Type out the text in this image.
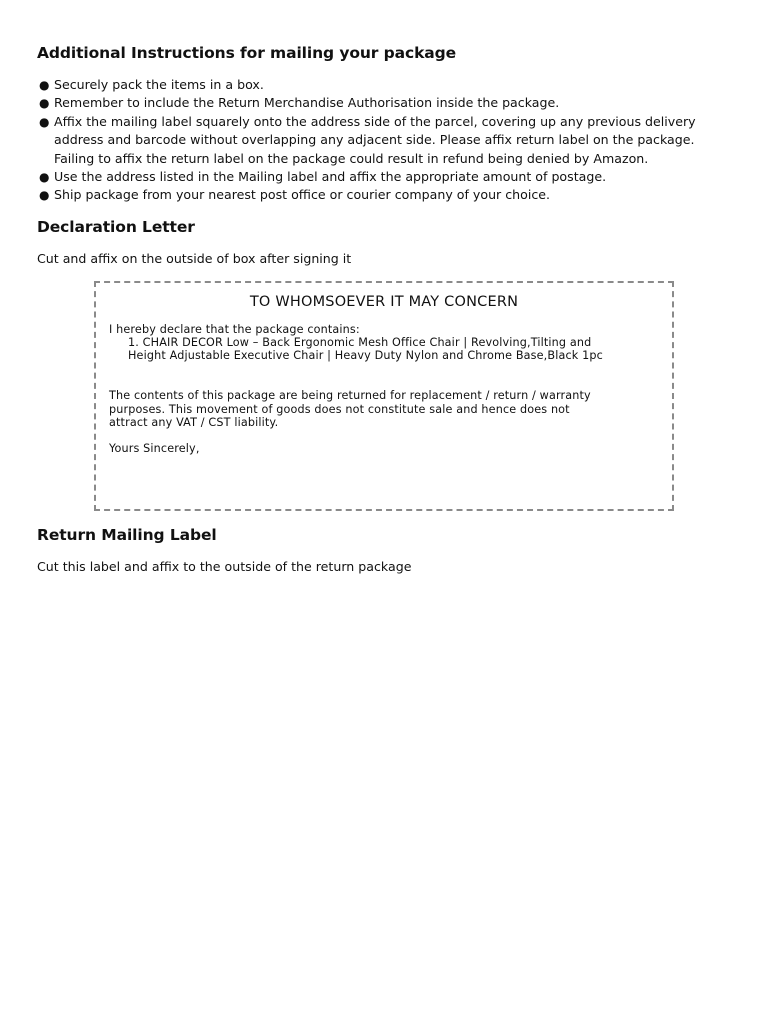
Additional Instructions for mailing your package
● Securely pack the items in a box.
● Remember to include the Return Merchandise Authorisation inside the package.
● Affix the mailing label squarely onto the address side of the parcel, covering up any previous delivery address and barcode without overlapping any adjacent side. Please affix return label on the package. Failing to affix the return label on the package could result in refund being denied by Amazon.
● Use the address listed in the Mailing label and affix the appropriate amount of postage.
● Ship package from your nearest post office or courier company of your choice.
Declaration Letter

Cut and affix on the outside of box after signing it

TO WHOMSOEVER IT MAY CONCERN
I hereby declare that the package contains:
1. CHAIR DECOR Low – Back Ergonomic Mesh Office Chair | Revolving,Tilting and
Height Adjustable Executive Chair | Heavy Duty Nylon and Chrome Base,Black 1pc
The contents of this package are being returned for replacement / return / warranty
purposes. This movement of goods does not constitute sale and hence does not
attract any VAT / CST liability.
Yours Sincerely,
Return Mailing Label

Cut this label and affix to the outside of the return package
